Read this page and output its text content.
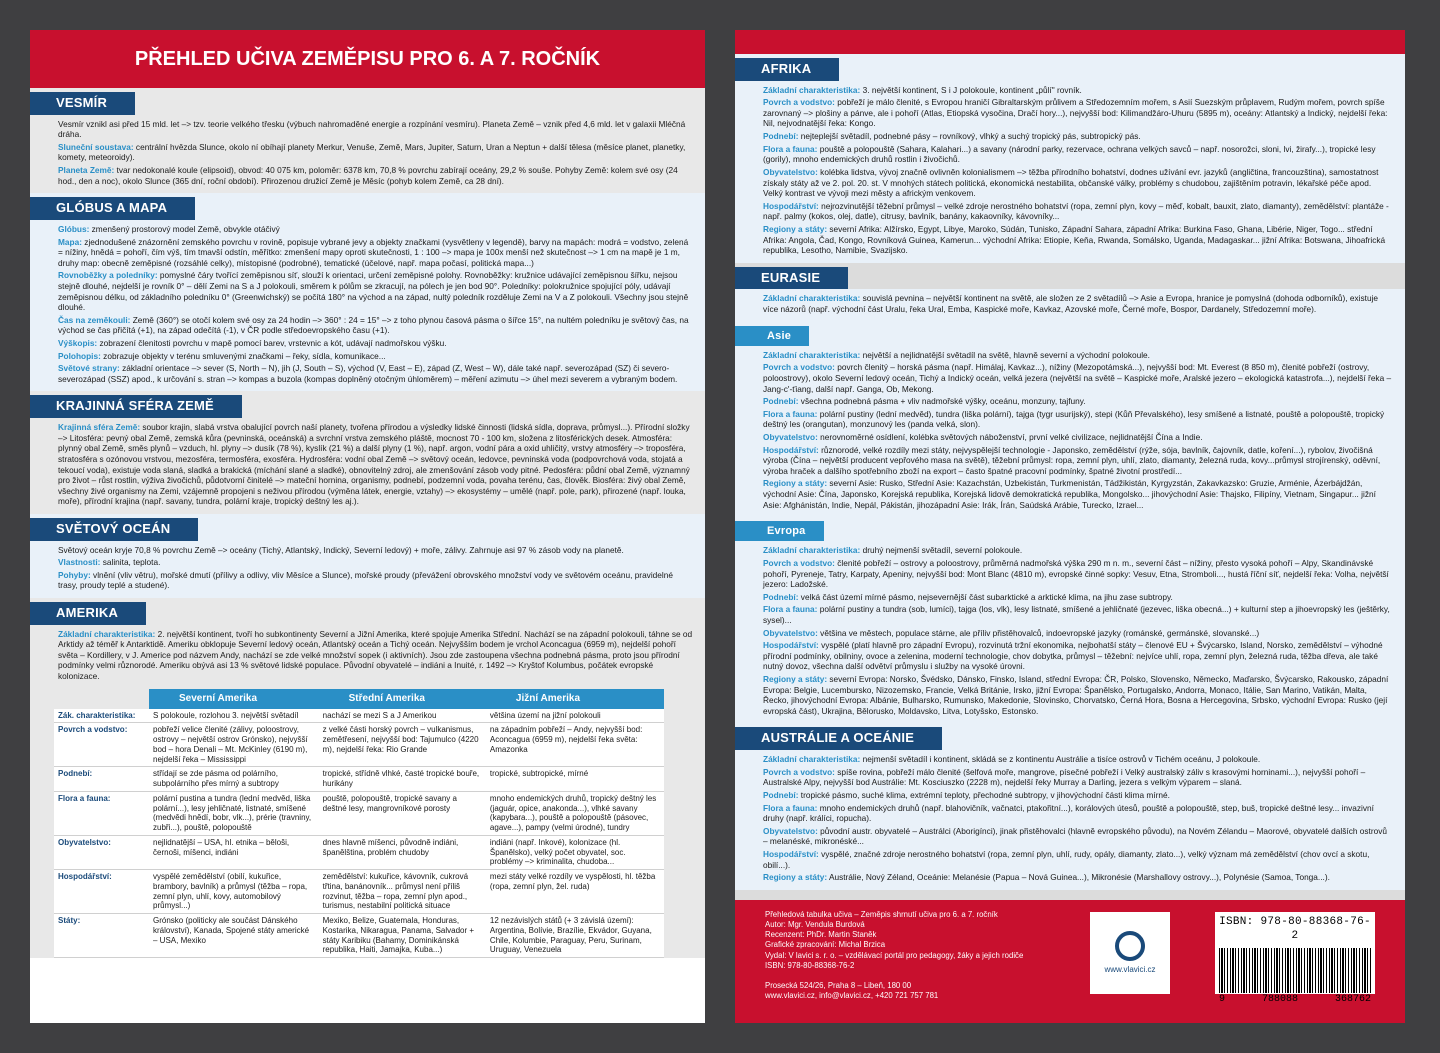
PŘEHLED UČIVA ZEMĚPISU PRO 6. A 7. ROČNÍK
VESMÍR

Vesmír vznikl asi před 15 mld. let –> tzv. teorie velkého třesku (výbuch nahromaděné energie a rozpínání vesmíru). Planeta Země – vznik před 4,6 mld. let v galaxii Mléčná dráha.

Sluneční soustava: centrální hvězda Slunce, okolo ní obíhají planety Merkur, Venuše, Země, Mars, Jupiter, Saturn, Uran a Neptun + další tělesa (měsíce planet, planetky, komety, meteoroidy).

Planeta Země: tvar nedokonalé koule (elipsoid), obvod: 40 075 km, poloměr: 6378 km, 70,8 % povrchu zabírají oceány, 29,2 % souše. Pohyby Země: kolem své osy (24 hod., den a noc), okolo Slunce (365 dní, roční období). Přirozenou družicí Země je Měsíc (pohyb kolem Země, ca 28 dní).

GLÓBUS A MAPA

Glóbus: zmenšený prostorový model Země, obvykle otáčivý

Mapa: zjednodušené znázornění zemského povrchu v rovině, popisuje vybrané jevy a objekty značkami (vysvětleny v legendě), barvy na mapách: modrá = vodstvo, zelená = nížiny, hnědá = pohoří, čím výš, tím tmavší odstín, měřítko: zmenšení mapy oproti skutečnosti, 1 : 100 –> mapa je 100x menší než skutečnost –> 1 cm na mapě je 1 m, druhy map: obecně zeměpisné (rozsáhlé celky), místopisné (podrobné), tematické (účelové, např. mapa počasí, politická mapa...)

Rovnoběžky a poledníky: pomyslné čáry tvořící zeměpisnou síť, slouží k orientaci, určení zeměpisné polohy. Rovnoběžky: kružnice udávající zeměpisnou šířku, nejsou stejně dlouhé, nejdelší je rovník 0° – dělí Zemi na S a J polokouli, směrem k pólům se zkracují, na pólech je jen bod 90°. Poledníky: polokružnice spojující póly, udávají zeměpisnou délku, od základního poledníku 0° (Greenwichský) se počítá 180° na východ a na západ, nultý poledník rozděluje Zemi na V a Z polokouli. Všechny jsou stejně dlouhé.

Čas na zeměkouli: Země (360°) se otočí kolem své osy za 24 hodin –> 360° : 24 = 15° –> z toho plynou časová pásma o šířce 15°, na nultém poledníku je světový čas, na východ se čas přičítá (+1), na západ odečítá (-1), v ČR podle středoevropského času (+1).

Výškopis: zobrazení členitosti povrchu v mapě pomocí barev, vrstevnic a kót, udávají nadmořskou výšku.

Polohopis: zobrazuje objekty v terénu smluvenými značkami – řeky, sídla, komunikace...

Světové strany: základní orientace –> sever (S, North – N), jih (J, South – S), východ (V, East – E), západ (Z, West – W), dále také např. severozápad (SZ) či severo-severozápad (SSZ) apod., k určování s. stran –> kompas a buzola (kompas doplněný otočným úhloměrem) – měření azimutu –> úhel mezi severem a vybraným bodem.

KRAJINNÁ SFÉRA ZEMĚ

Krajinná sféra Země: soubor krajin, slabá vrstva obalující povrch naší planety, tvořena přírodou a výsledky lidské činnosti (lidská sídla, doprava, průmysl...). Přírodní složky –> Litosféra: pevný obal Země, zemská kůra (pevninská, oceánská) a svrchní vrstva zemského pláště, mocnost 70 - 100 km, složena z litosférických desek. Atmosféra: plynný obal Země, směs plynů – vzduch, hl. plyny –> dusík (78 %), kyslík (21 %) a další plyny (1 %), např. argon, vodní pára a oxid uhličitý, vrstvy atmosféry –> troposféra, stratosféra s ozónovou vrstvou, mezosféra, termosféra, exosféra. Hydrosféra: vodní obal Země –> světový oceán, ledovce, pevninská voda (podpovrchová voda, stojatá a tekoucí voda), existuje voda slaná, sladká a brakická (míchání slané a sladké), obnovitelný zdroj, ale zmenšování zásob vody pitné. Pedosféra: půdní obal Země, významný pro život – růst rostlin, výživa živočichů, půdotvorní činitelé –> mateční hornina, organismy, podnebí, podzemní voda, povaha terénu, čas, člověk. Biosféra: živý obal Země, všechny živé organismy na Zemi, vzájemně propojeni s neživou přírodou (výměna látek, energie, vztahy) –> ekosystémy – umělé (např. pole, park), přirozené (např. louka, moře), přírodní krajina (např. savany, tundra, polární kraje, tropický deštný les aj.).

SVĚTOVÝ OCEÁN

Světový oceán kryje 70,8 % povrchu Země –> oceány (Tichý, Atlantský, Indický, Severní ledový) + moře, zálivy. Zahrnuje asi 97 % zásob vody na planetě.

Vlastnosti: salinita, teplota.

Pohyby: vlnění (vliv větru), mořské dmutí (přílivy a odlivy, vliv Měsíce a Slunce), mořské proudy (převážení obrovského množství vody ve světovém oceánu, pravidelné trasy, proudy teplé a studené).

AMERIKA

Základní charakteristika: 2. největší kontinent, tvoří ho subkontinenty Severní a Jižní Amerika, které spojuje Amerika Střední. Nachází se na západní polokouli, táhne se od Arktidy až téměř k Antarktidě. Ameriku obklopuje Severní ledový oceán, Atlantský oceán a Tichý oceán. Nejvyšším bodem je vrchol Aconcagua (6959 m), nejdelší pohoří světa – Kordillery, v J. Americe pod názvem Andy, nachází se zde velké množství sopek (i aktivních). Jsou zde zastoupena všechna podnebná pásma, proto jsou přírodní podmínky velmi různorodé. Ameriku obývá asi 13 % světové lidské populace. Původní obyvatelé – indiáni a Inuité, r. 1492 –> Kryštof Kolumbus, počátek evropské kolonizace.

	Severní Amerika	Střední Amerika	Jižní Amerika
Zák. charakteristika:	S polokoule, rozlohou 3. největší světadíl	nachází se mezi S a J Amerikou	většina území na jižní polokouli
Povrch a vodstvo:	pobřeží velice členité (zálivy, poloostrovy, ostrovy – největší ostrov Grónsko), nejvyšší bod – hora Denali – Mt. McKinley (6190 m), nejdelší řeka – Mississippi	z velké části horský povrch – vulkanismus, zemětřesení, nejvyšší bod: Tajumulco (4220 m), nejdelší řeka: Rio Grande	na západním pobřeží – Andy, nejvyšší bod: Aconcagua (6959 m), nejdelší řeka světa: Amazonka
Podnebí:	střídají se zde pásma od polárního, subpolárního přes mírný a subtropy	tropické, střídně vlhké, časté tropické bouře, hurikány	tropické, subtropické, mírné
Flora a fauna:	polární pustina a tundra (lední medvěd, liška polární...), lesy jehličnaté, listnaté, smíšené (medvědi hnědí, bobr, vlk...), prérie (travniny, zubři...), pouště, polopouště	pouště, polopouště, tropické savany a deštné lesy, mangrovníkové porosty	mnoho endemických druhů, tropický deštný les (jaguár, opice, anakonda...), vlhké savany (kapybara...), pouště a polopouště (pásovec, agave...), pampy (velmi úrodné), tundry
Obyvatelstvo:	nejlidnatější – USA, hl. etnika – běloši, černoši, míšenci, indiáni	dnes hlavně míšenci, původně indiáni, španělština, problém chudoby	indiáni (např. Inkové), kolonizace (hl. Španělsko), velký počet obyvatel, soc. problémy –> kriminalita, chudoba...
Hospodářství:	vyspělé zemědělství (obilí, kukuřice, brambory, bavlník) a průmysl (těžba – ropa, zemní plyn, uhlí, kovy, automobilový průmysl...)	zemědělství: kukuřice, kávovník, cukrová třtina, banánovník... průmysl není příliš rozvinut, těžba – ropa, zemní plyn apod., turismus, nestabilní politická situace	mezi státy velké rozdíly ve vyspělosti, hl. těžba (ropa, zemní plyn, žel. ruda)
Státy:	Grónsko (politicky ale součást Dánského království), Kanada, Spojené státy americké – USA, Mexiko	Mexiko, Belize, Guatemala, Honduras, Kostarika, Nikaragua, Panama, Salvador + státy Karibiku (Bahamy, Dominikánská republika, Haiti, Jamajka, Kuba...)	12 nezávislých států (+ 3 závislá území): Argentina, Bolívie, Brazílie, Ekvádor, Guyana, Chile, Kolumbie, Paraguay, Peru, Surinam, Uruguay, Venezuela
AFRIKA

Základní charakteristika: 3. největší kontinent, S i J polokoule, kontinent „půlí" rovník.

Povrch a vodstvo: pobřeží je málo členité, s Evropou hraničí Gibraltarským průlivem a Středozemním mořem, s Asií Suezským průplavem, Rudým mořem, povrch spíše zarovnaný –> plošiny a pánve, ale i pohoří (Atlas, Etiopská vysočina, Dračí hory...), nejvyšší bod: Kilimandžáro-Uhuru (5895 m), oceány: Atlantský a Indický, nejdelší řeka: Nil, nejvodnatější řeka: Kongo.

Podnebí: nejteplejší světadíl, podnebné pásy – rovníkový, vlhký a suchý tropický pás, subtropický pás.

Flora a fauna: pouště a polopouště (Sahara, Kalahari...) a savany (národní parky, rezervace, ochrana velkých savců – např. nosorožci, sloni, lvi, žirafy...), tropické lesy (gorily), mnoho endemických druhů rostlin i živočichů.

Obyvatelstvo: kolébka lidstva, vývoj značně ovlivněn kolonialismem –> těžba přírodního bohatství, dodnes užívání evr. jazyků (angličtina, francouzština), samostatnost získaly státy až ve 2. pol. 20. st. V mnohých státech politická, ekonomická nestabilita, občanské války, problémy s chudobou, zajištěním potravin, lékařské péče apod. Velký kontrast ve vývoji mezi městy a africkým venkovem.

Hospodářství: nejrozvinutější těžební průmysl – velké zdroje nerostného bohatství (ropa, zemní plyn, kovy – měď, kobalt, bauxit, zlato, diamanty), zemědělství: plantáže - např. palmy (kokos, olej, datle), citrusy, bavlník, banány, kakaovníky, kávovníky...

Regiony a státy: severní Afrika: Alžírsko, Egypt, Libye, Maroko, Súdán, Tunisko, Západní Sahara, západní Afrika: Burkina Faso, Ghana, Libérie, Niger, Togo... střední Afrika: Angola, Čad, Kongo, Rovníková Guinea, Kamerun... východní Afrika: Etiopie, Keňa, Rwanda, Somálsko, Uganda, Madagaskar... jižní Afrika: Botswana, Jihoafrická republika, Lesotho, Namibie, Svazijsko.

EURASIE

Základní charakteristika: souvislá pevnina – největší kontinent na světě, ale složen ze 2 světadílů –> Asie a Evropa, hranice je pomyslná (dohoda odborníků), existuje více názorů (např. východní část Uralu, řeka Ural, Emba, Kaspické moře, Kavkaz, Azovské moře, Černé moře, Bospor, Dardanely, Středozemní moře).

Asie

Základní charakteristika: největší a nejlidnatější světadíl na světě, hlavně severní a východní polokoule.

Povrch a vodstvo: povrch členitý – horská pásma (např. Himálaj, Kavkaz...), nížiny (Mezopotámská...), nejvyšší bod: Mt. Everest (8 850 m), členité pobřeží (ostrovy, poloostrovy), okolo Severní ledový oceán, Tichý a Indický oceán, velká jezera (největší na světě – Kaspické moře, Aralské jezero – ekologická katastrofa...), nejdelší řeka – Jang-c'-ťiang, další např. Ganga, Ob, Mekong.

Podnebí: všechna podnebná pásma + vliv nadmořské výšky, oceánu, monzuny, tajfuny.

Flora a fauna: polární pustiny (lední medvěd), tundra (liška polární), tajga (tygr usurijský), stepi (Kůň Převalského), lesy smíšené a listnaté, pouště a polopouště, tropický deštný les (orangutan), monzunový les (panda velká, slon).

Obyvatelstvo: nerovnoměrné osídlení, kolébka světových náboženství, první velké civilizace, nejlidnatější Čína a Indie.

Hospodářství: různorodé, velké rozdíly mezi státy, nejvyspělejší technologie - Japonsko, zemědělství (rýže, sója, bavlník, čajovník, datle, koření...), rybolov, živočišná výroba (Čína – největší producent vepřového masa na světě), těžební průmysl: ropa, zemní plyn, uhlí, zlato, diamanty, železná ruda, kovy...průmysl strojírenský, oděvní, výroba hraček a dalšího spotřebního zboží na export – často špatné pracovní podmínky, špatné životní prostředí...

Regiony a státy: severní Asie: Rusko, Střední Asie: Kazachstán, Uzbekistán, Turkmenistán, Tádžikistán, Kyrgyzstán, Zakavkazsko: Gruzie, Arménie, Ázerbájdžán, východní Asie: Čína, Japonsko, Korejská republika, Korejská lidově demokratická republika, Mongolsko... jihovýchodní Asie: Thajsko, Filipíny, Vietnam, Singapur... jižní Asie: Afghánistán, Indie, Nepál, Pákistán, jihozápadní Asie: Irák, Írán, Saúdská Arábie, Turecko, Izrael...

Evropa

Základní charakteristika: druhý nejmenší světadíl, severní polokoule.

Povrch a vodstvo: členité pobřeží – ostrovy a poloostrovy, průměrná nadmořská výška 290 m n. m., severní část – nížiny, přesto vysoká pohoří – Alpy, Skandinávské pohoří, Pyreneje, Tatry, Karpaty, Apeniny, nejvyšší bod: Mont Blanc (4810 m), evropské činné sopky: Vesuv, Etna, Stromboli..., hustá říční síť, nejdelší řeka: Volha, největší jezero: Ladožské.

Podnebí: velká část území mírné pásmo, nejsevernější část subarktické a arktické klima, na jihu zase subtropy.

Flora a fauna: polární pustiny a tundra (sob, lumíci), tajga (los, vlk), lesy listnaté, smíšené a jehličnaté (jezevec, liška obecná...) + kulturní step a jihoevropský les (ještěrky, sysel)...

Obyvatelstvo: většina ve městech, populace stárne, ale příliv přistěhovalců, indoevropské jazyky (románské, germánské, slovanské...)

Hospodářství: vyspělé (platí hlavně pro západní Evropu), rozvinutá tržní ekonomika, nejbohatší státy – členové EU + Švýcarsko, Island, Norsko, zemědělství – výhodné přírodní podmínky, obilniny, ovoce a zelenina, moderní technologie, chov dobytka, průmysl – těžební: nejvíce uhlí, ropa, zemní plyn, železná ruda, těžba dřeva, ale také nutný dovoz, všechna další odvětví průmyslu i služby na vysoké úrovni.

Regiony a státy: severní Evropa: Norsko, Švédsko, Dánsko, Finsko, Island, střední Evropa: ČR, Polsko, Slovensko, Německo, Maďarsko, Švýcarsko, Rakousko, západní Evropa: Belgie, Lucembursko, Nizozemsko, Francie, Velká Británie, Irsko, jižní Evropa: Španělsko, Portugalsko, Andorra, Monaco, Itálie, San Marino, Vatikán, Malta, Řecko, jihovýchodní Evropa: Albánie, Bulharsko, Rumunsko, Makedonie, Slovinsko, Chorvatsko, Černá Hora, Bosna a Hercegovina, Srbsko, východní Evropa: Rusko (její evropská část), Ukrajina, Bělorusko, Moldavsko, Litva, Lotyšsko, Estonsko.

AUSTRÁLIE A OCEÁNIE

Základní charakteristika: nejmenší světadíl i kontinent, skládá se z kontinentu Austrálie a tisíce ostrovů v Tichém oceánu, J polokoule.

Povrch a vodstvo: spíše rovina, pobřeží málo členité (šelfová moře, mangrove, písečné pobřeží i Velký australský záliv s krasovými horninami...), nejvyšší pohoří – Australské Alpy, nejvyšší bod Austrálie: Mt. Kosciuszko (2228 m), nejdelší řeky Murray a Darling, jezera s velkým výparem – slaná.

Podnebí: tropické pásmo, suché klima, extrémní teploty, přechodné subtropy, v jihovýchodní části klima mírné.

Flora a fauna: mnoho endemických druhů (např. blahovičník, vačnatci, ptakořitní...), korálových útesů, pouště a polopouště, step, buš, tropické deštné lesy... invazivní druhy (např. králíci, ropucha).

Obyvatelstvo: původní austr. obyvatelé – Austrálci (Aborigínci), jinak přistěhovalci (hlavně evropského původu), na Novém Zélandu – Maorové, obyvatelé dalších ostrovů – melanéské, mikronéské...

Hospodářství: vyspělé, značné zdroje nerostného bohatství (ropa, zemní plyn, uhlí, rudy, opály, diamanty, zlato...), velký význam má zemědělství (chov ovcí a skotu, obilí...).

Regiony a státy: Austrálie, Nový Zéland, Oceánie: Melanésie (Papua – Nová Guinea...), Mikronésie (Marshallovy ostrovy...), Polynésie (Samoa, Tonga...).

Přehledová tabulka učiva – Zeměpis shrnutí učiva pro 6. a 7. ročník
Autor: Mgr. Vendula Burdová
Recenzent: PhDr. Martin Staněk
Grafické zpracování: Michal Brzica
Vydal: V lavici s. r. o. – vzdělávací portál pro pedagogy, žáky a jejich rodiče
ISBN: 978-80-88368-76-2
Prosecká 524/26, Praha 8 – Libeň, 180 00
www.vlavici.cz, info@vlavici.cz, +420 721 757 781
www.vlavici.cz
ISBN: 978-80-88368-76-2
9	788088	368762
